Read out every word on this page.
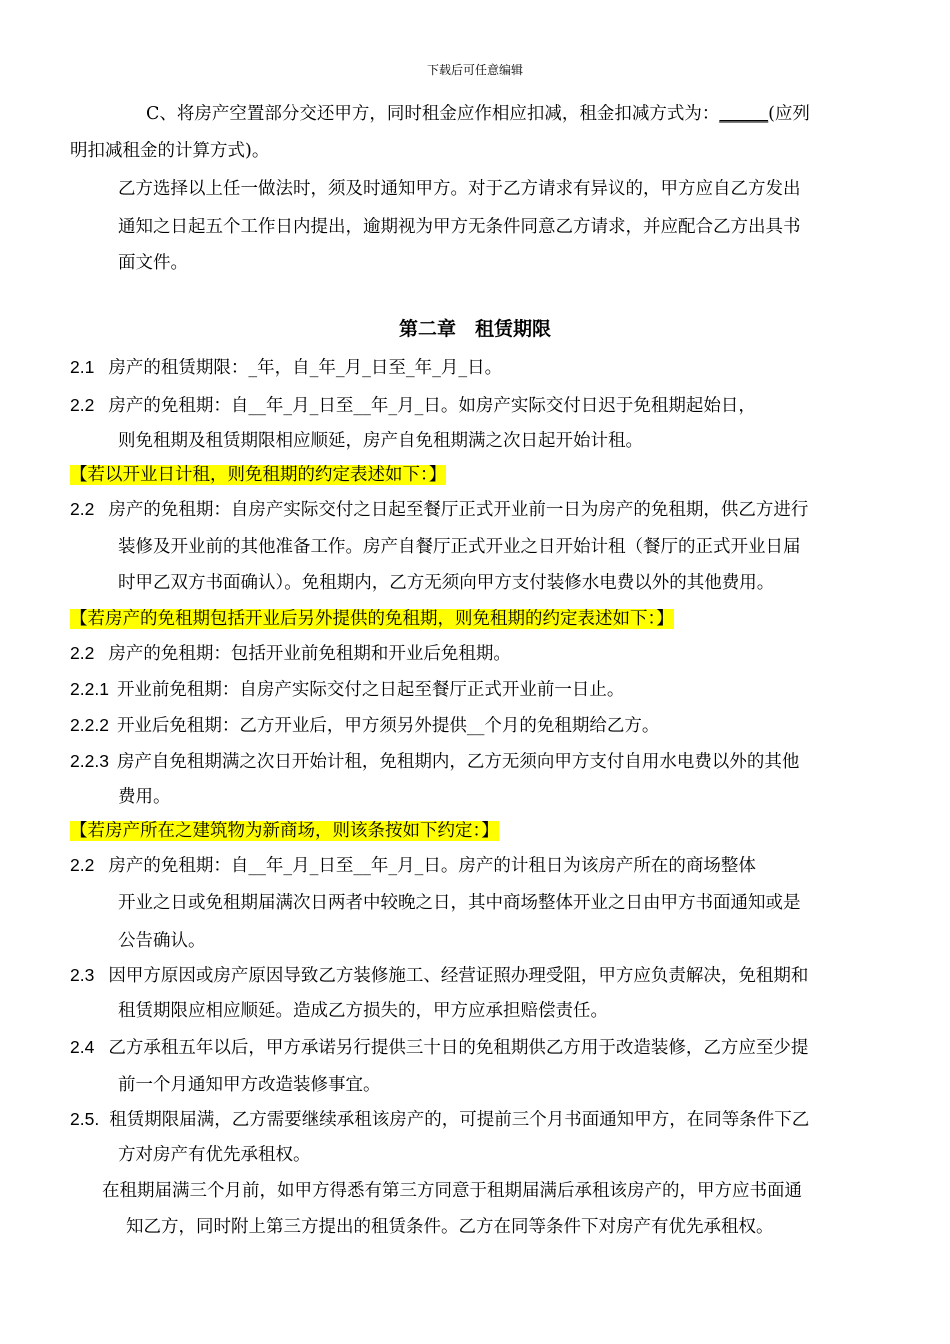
下载后可任意编辑
C、将房产空置部分交还甲方，同时租金应作相应扣减，租金扣减方式为：_____(应列
明扣减租金的计算方式)。
乙方选择以上任一做法时，须及时通知甲方。对于乙方请求有异议的，甲方应自乙方发出
通知之日起五个工作日内提出，逾期视为甲方无条件同意乙方请求，并应配合乙方出具书
面文件。
第二章　租赁期限
2.1 房产的租赁期限：_年，自_年_月_日至_年_月_日。
2.2 房产的免租期：自__年_月_日至__年_月_日。如房产实际交付日迟于免租期起始日，
则免租期及租赁期限相应顺延，房产自免租期满之次日起开始计租。
【若以开业日计租，则免租期的约定表述如下：】
2.2 房产的免租期：自房产实际交付之日起至餐厅正式开业前一日为房产的免租期，供乙方进行
装修及开业前的其他准备工作。房产自餐厅正式开业之日开始计租（餐厅的正式开业日届
时甲乙双方书面确认）。免租期内，乙方无须向甲方支付装修水电费以外的其他费用。
【若房产的免租期包括开业后另外提供的免租期，则免租期的约定表述如下：】
2.2 房产的免租期：包括开业前免租期和开业后免租期。
2.2.1 开业前免租期：自房产实际交付之日起至餐厅正式开业前一日止。
2.2.2 开业后免租期：乙方开业后，甲方须另外提供__个月的免租期给乙方。
2.2.3 房产自免租期满之次日开始计租，免租期内，乙方无须向甲方支付自用水电费以外的其他
费用。
【若房产所在之建筑物为新商场，则该条按如下约定：】
2.2 房产的免租期：自__年_月_日至__年_月_日。房产的计租日为该房产所在的商场整体
开业之日或免租期届满次日两者中较晚之日，其中商场整体开业之日由甲方书面通知或是
公告确认。
2.3 因甲方原因或房产原因导致乙方装修施工、经营证照办理受阻，甲方应负责解决，免租期和
租赁期限应相应顺延。造成乙方损失的，甲方应承担赔偿责任。
2.4 乙方承租五年以后，甲方承诺另行提供三十日的免租期供乙方用于改造装修，乙方应至少提
前一个月通知甲方改造装修事宜。
2.5. 租赁期限届满，乙方需要继续承租该房产的，可提前三个月书面通知甲方，在同等条件下乙
方对房产有优先承租权。
在租期届满三个月前，如甲方得悉有第三方同意于租期届满后承租该房产的，甲方应书面通
知乙方，同时附上第三方提出的租赁条件。乙方在同等条件下对房产有优先承租权。
